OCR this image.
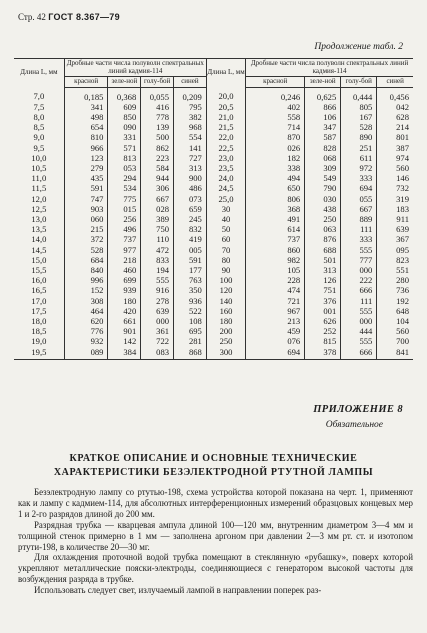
Стр. 42 ГОСТ 8.367—79
Продолжение табл. 2
Длина L, мм	Дробные части числа полуволн спектральных линий кадмия-114				Длина L, мм	Дробные части числа полуволн спектральных линий кадмия-114			
	красной	зеле-ной	голу-бой	синей		красной	зеле-ной	голу-бой	синей
7,0	0,185	0,368	0,055	0,209	20,0	0,246	0,625	0,444	0,456
7,5	341	609	416	795	20,5	402	866	805	042
8,0	498	850	778	382	21,0	558	106	167	628
8,5	654	090	139	968	21,5	714	347	528	214
9,0	810	331	500	554	22,0	870	587	890	801
9,5	966	571	862	141	22,5	026	828	251	387
10,0	123	813	223	727	23,0	182	068	611	974
10,5	279	053	584	313	23,5	338	309	972	560
11,0	435	294	944	900	24,0	494	549	333	146
11,5	591	534	306	486	24,5	650	790	694	732
12,0	747	775	667	073	25,0	806	030	055	319
12,5	903	015	028	659	30	368	438	667	183
13,0	060	256	389	245	40	491	250	889	911
13,5	215	496	750	832	50	614	063	111	639
14,0	372	737	110	419	60	737	876	333	367
14,5	528	977	472	005	70	860	688	555	095
15,0	684	218	833	591	80	982	501	777	823
15,5	840	460	194	177	90	105	313	000	551
16,0	996	699	555	763	100	228	126	222	280
16,5	152	939	916	350	120	474	751	666	736
17,0	308	180	278	936	140	721	376	111	192
17,5	464	420	639	522	160	967	001	555	648
18,0	620	661	000	108	180	213	626	000	104
18,5	776	901	361	695	200	459	252	444	560
19,0	932	142	722	281	250	076	815	555	700
19,5	089	384	083	868	300	694	378	666	841
ПРИЛОЖЕНИЕ 8
Обязательное
КРАТКОЕ ОПИСАНИЕ И ОСНОВНЫЕ ТЕХНИЧЕСКИЕ
ХАРАКТЕРИСТИКИ БЕЗЭЛЕКТРОДНОЙ РТУТНОЙ ЛАМПЫ

Безэлектродную лампу со ртутью-198, схема устройства которой показана на черт. 1, применяют как и лампу с кадмием-114, для абсолютных интерференционных измерений образцовых концевых мер 1 и 2-го разрядов длиной до 200 мм.

Разрядная трубка — кварцевая ампула длиной 100—120 мм, внутренним диаметром 3—4 мм и толщиной стенок примерно в 1 мм — заполнена аргоном при давлении 2—3 мм рт. ст. и изотопом ртути-198, в количестве 20—30 мг.

Для охлаждения проточной водой трубка помещают в стеклянную «рубашку», поверх которой укрепляют металлические пояски-электроды, соединяющиеся с генератором высокой частоты для возбуждения разряда в трубке.

Использовать следует свет, излучаемый лампой в направлении поперек раз-
